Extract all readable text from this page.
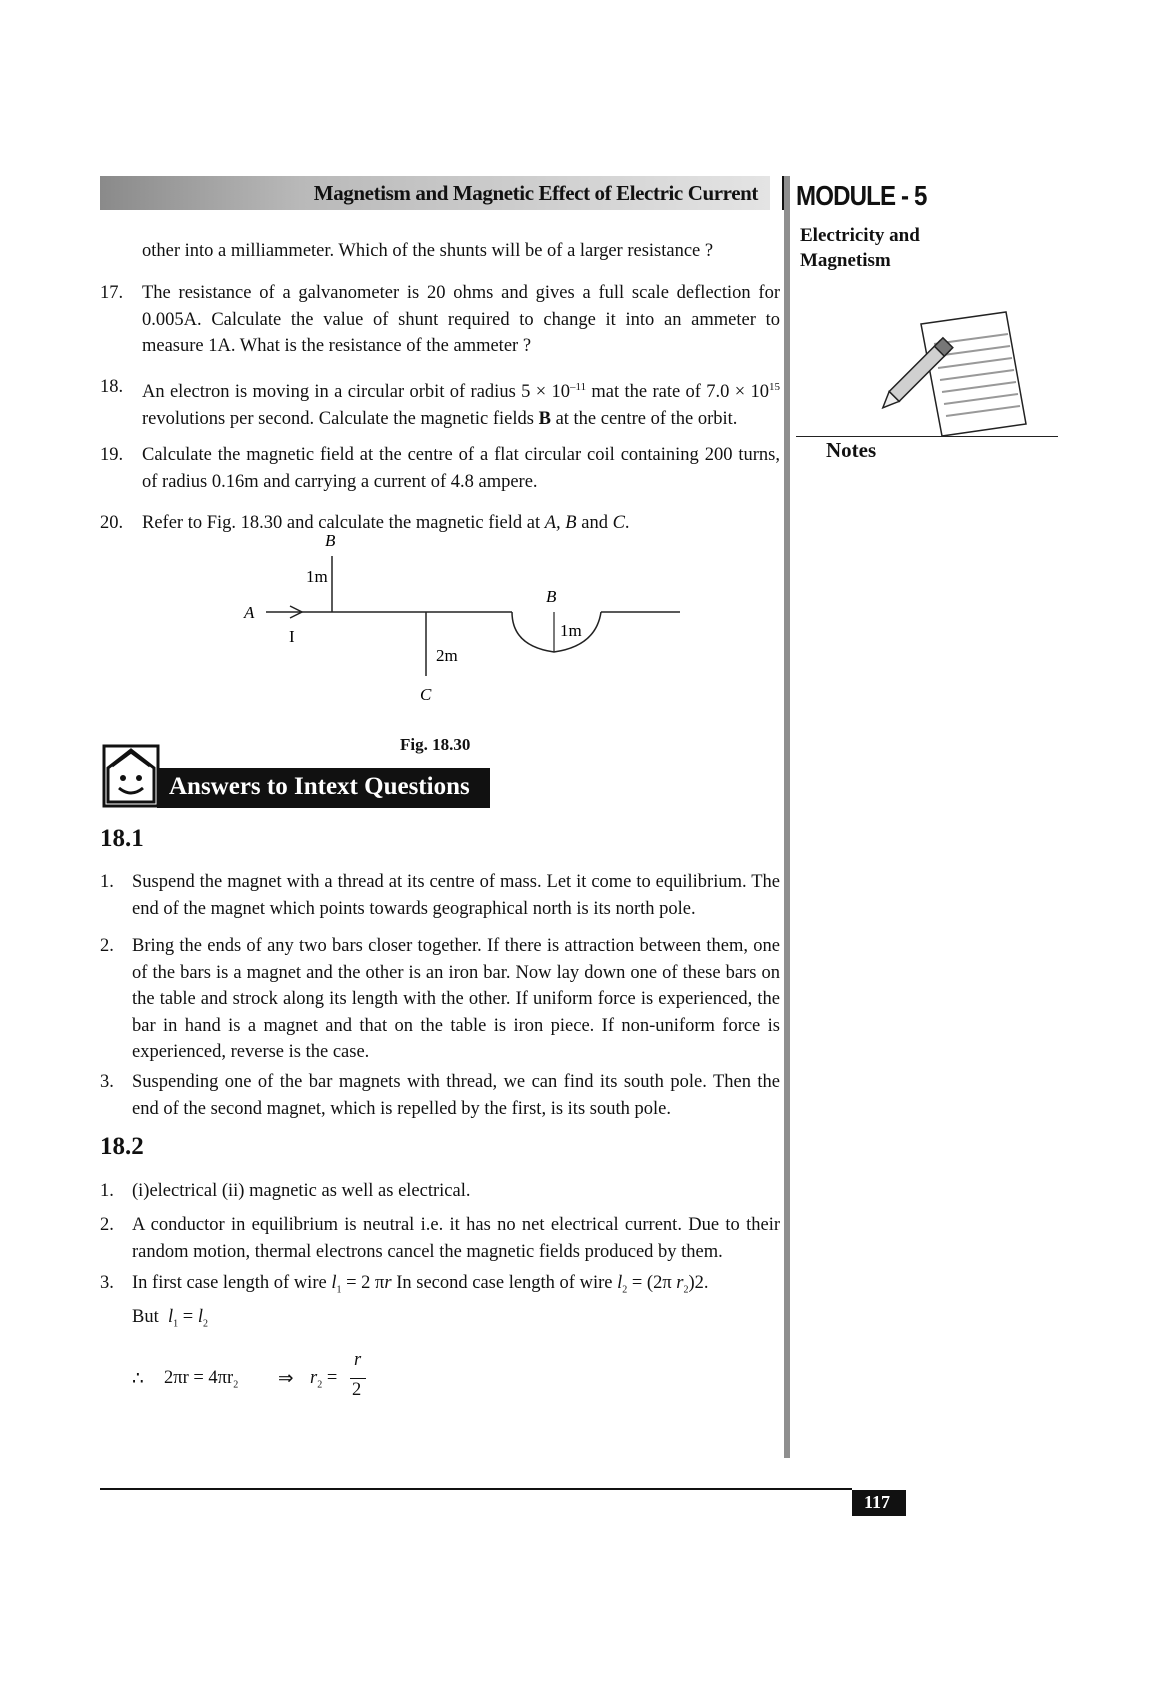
Magnetism and Magnetic Effect of Electric Current MODULE - 5
Electricity and Magnetism
Notes
other into a milliammeter. Which of the shunts will be of a larger resistance ?
17. The resistance of a galvanometer is 20 ohms and gives a full scale deflection for 0.005A. Calculate the value of shunt required to change it into an ammeter to measure 1A. What is the resistance of the ammeter ?
18. An electron is moving in a circular orbit of radius $5 \times 10^{-11}$ mat the rate of $7.0 \times 10^{15}$ revolutions per second. Calculate the magnetic fields B at the centre of the orbit.
19. Calculate the magnetic field at the centre of a flat circular coil containing 200 turns, of radius 0.16m and carrying a current of 4.8 ampere.
20. Refer to Fig. 18.30 and calculate the magnetic field at A, B and C.
A
I
B
1m
2m
C
B
1m
Fig. 18.30
Answers to Intext Questions
18.1
1. Suspend the magnet with a thread at its centre of mass. Let it come to equilibrium. The end of the magnet which points towards geographical north is its north pole.
2. Bring the ends of any two bars closer together. If there is attraction between them, one of the bars is a magnet and the other is an iron bar. Now lay down one of these bars on the table and strock along its length with the other. If uniform force is experienced, the bar in hand is a magnet and that on the table is iron piece. If non-uniform force is experienced, reverse is the case.
3. Suspending one of the bar magnets with thread, we can find its south pole. Then the end of the second magnet, which is repelled by the first, is its south pole.
18.2
1. (i)electrical (ii) magnetic as well as electrical.
2. A conductor in equilibrium is neutral i.e. it has no net electrical current. Due to their random motion, thermal electrons cancel the magnetic fields produced by them.
3. In first case length of wire $l_1 = 2$ πr In second case length of wire $l_2 = (2\pi$ $r_2)2$.
But $l_1 = l_2$
∴ $2\pi r = 4\pi r_2$ ⇒ $r_2$ =
r
2
117
